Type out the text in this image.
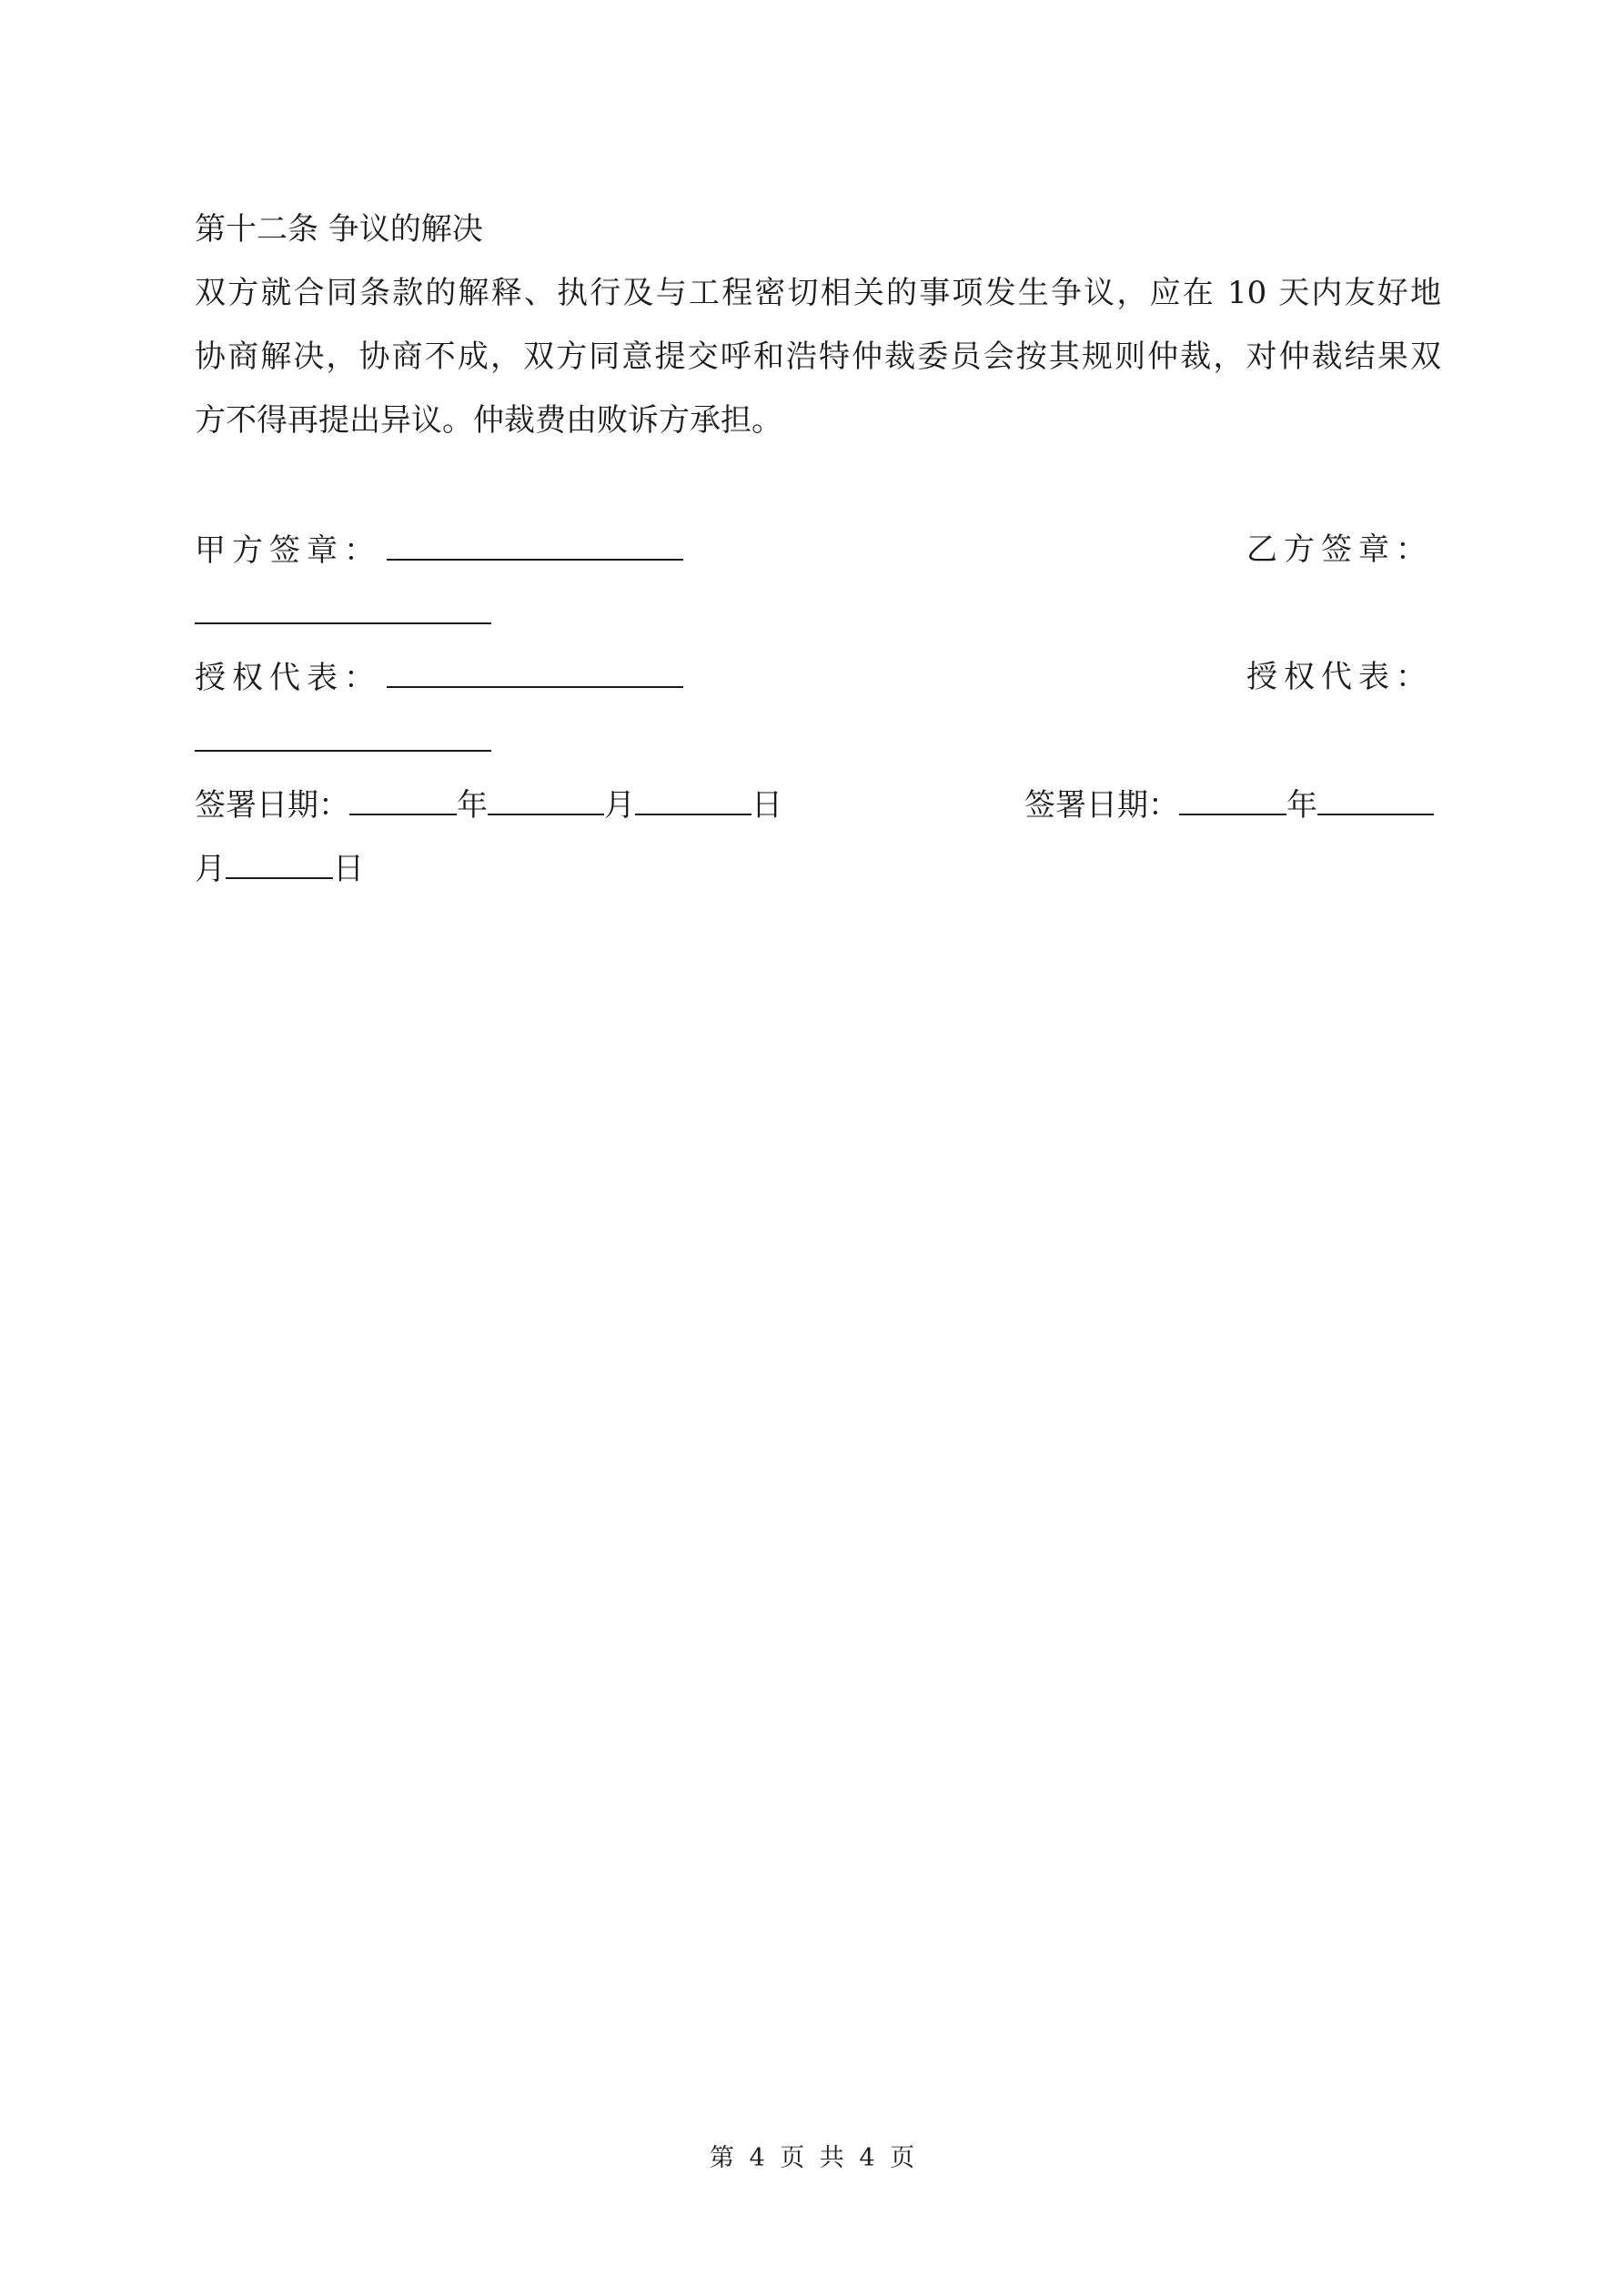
第十二条 争议的解决
双方就合同条款的解释、执行及与工程密切相关的事项发生争议，应在 10 天内友好地
协商解决，协商不成，双方同意提交呼和浩特仲裁委员会按其规则仲裁，对仲裁结果双
方不得再提出异议。仲裁费由败诉方承担。
甲方签章：	乙方签章：
授权代表：	授权代表：
签署日期：	年	月	日	签署日期：	年
月	日
第 4 页 共 4 页
